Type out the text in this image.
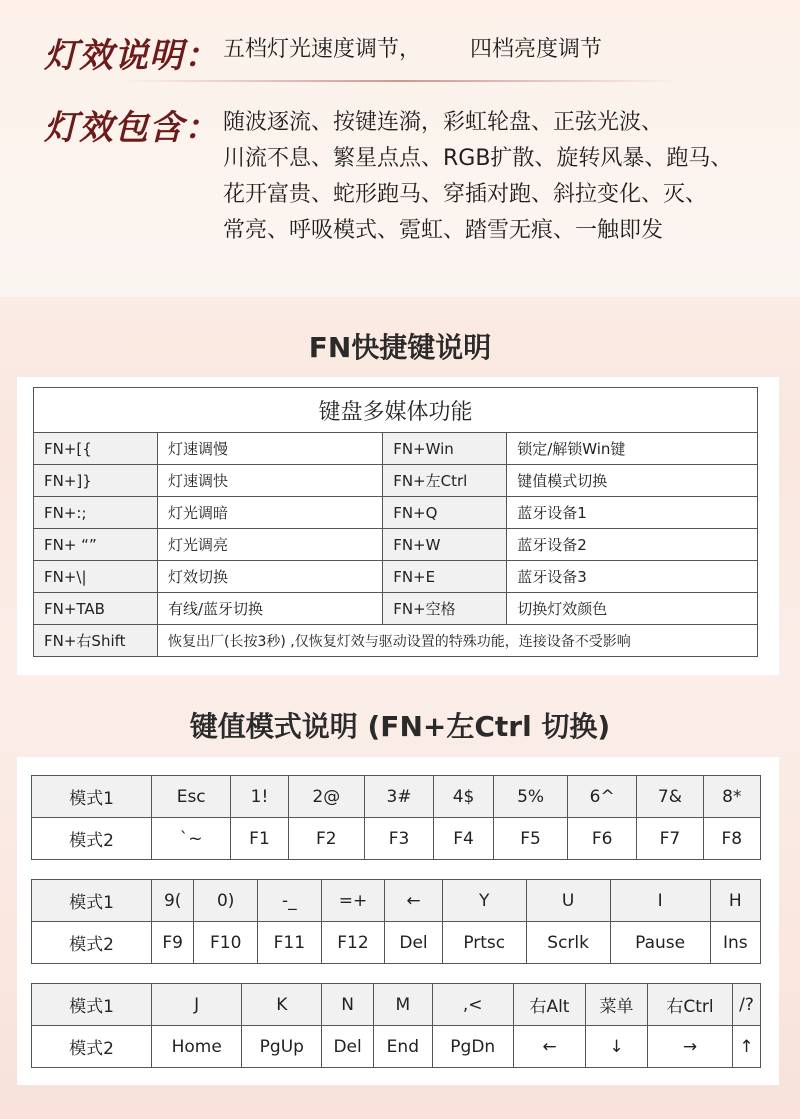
灯效说明： 五档灯光速度调节， 四档亮度调节
灯效包含： 随波逐流、按键连漪，彩虹轮盘、正弦光波、
川流不息、繁星点点、RGB扩散、旋转风暴、跑马、
花开富贵、蛇形跑马、穿插对跑、斜拉变化、灭、
常亮、呼吸模式、霓虹、踏雪无痕、一触即发
FN快捷键说明
键盘多媒体功能			
FN+[{	灯速调慢	FN+Win	锁定/解锁Win键
FN+]}	灯速调快	FN+左Ctrl	键值模式切换
FN+:;	灯光调暗	FN+Q	蓝牙设备1
FN+ “”	灯光调亮	FN+W	蓝牙设备2
FN+\|	灯效切换	FN+E	蓝牙设备3
FN+TAB	有线/蓝牙切换	FN+空格	切换灯效颜色
FN+右Shift	恢复出厂(长按3秒) ,仅恢复灯效与驱动设置的特殊功能，连接设备不受影响		
键值模式说明 (FN+左Ctrl 切换)
模式1	Esc	1!	2@	3#	4$	5%	6^	7&	8*
模式2	`~	F1	F2	F3	F4	F5	F6	F7	F8
模式1	9(	0)	-_	=+	←	Y	U	I	H
模式2	F9	F10	F11	F12	Del	Prtsc	Scrlk	Pause	Ins
模式1	J	K	N	M	,<	右Alt	菜单	右Ctrl	/?
模式2	Home	PgUp	Del	End	PgDn	←	↓	→	↑
